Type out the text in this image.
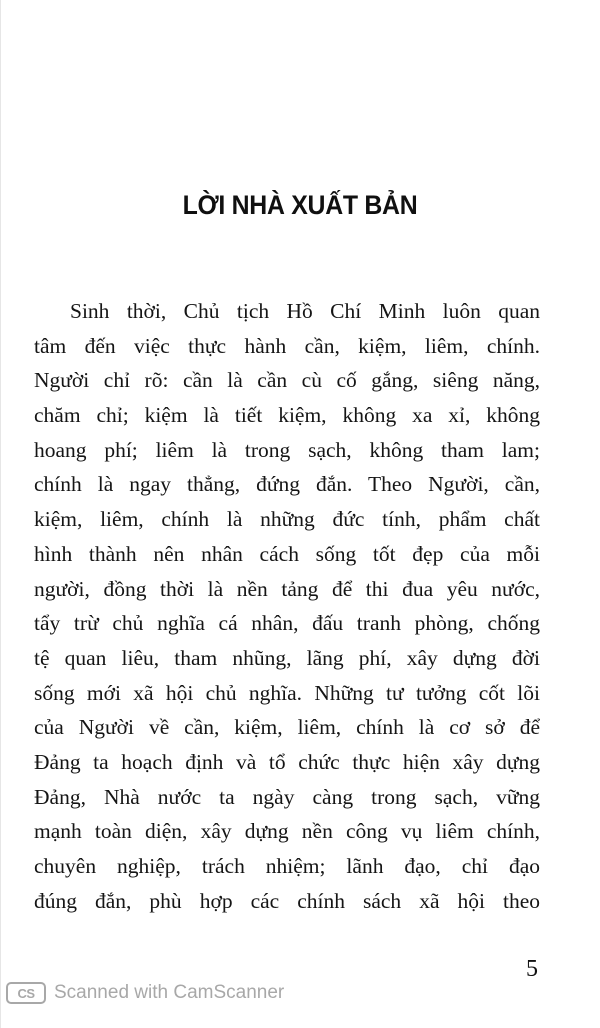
LỜI NHÀ XUẤT BẢN
Sinh thời, Chủ tịch Hồ Chí Minh luôn quan
tâm đến việc thực hành cần, kiệm, liêm, chính.
Người chỉ rõ: cần là cần cù cố gắng, siêng năng,
chăm chỉ; kiệm là tiết kiệm, không xa xỉ, không
hoang phí; liêm là trong sạch, không tham lam;
chính là ngay thẳng, đứng đắn. Theo Người, cần,
kiệm, liêm, chính là những đức tính, phẩm chất
hình thành nên nhân cách sống tốt đẹp của mỗi
người, đồng thời là nền tảng để thi đua yêu nước,
tẩy trừ chủ nghĩa cá nhân, đấu tranh phòng, chống
tệ quan liêu, tham nhũng, lãng phí, xây dựng đời
sống mới xã hội chủ nghĩa. Những tư tưởng cốt lõi
của Người về cần, kiệm, liêm, chính là cơ sở để
Đảng ta hoạch định và tổ chức thực hiện xây dựng
Đảng, Nhà nước ta ngày càng trong sạch, vững
mạnh toàn diện, xây dựng nền công vụ liêm chính,
chuyên nghiệp, trách nhiệm; lãnh đạo, chỉ đạo
đúng đắn, phù hợp các chính sách xã hội theo
5
CS	Scanned with CamScanner
